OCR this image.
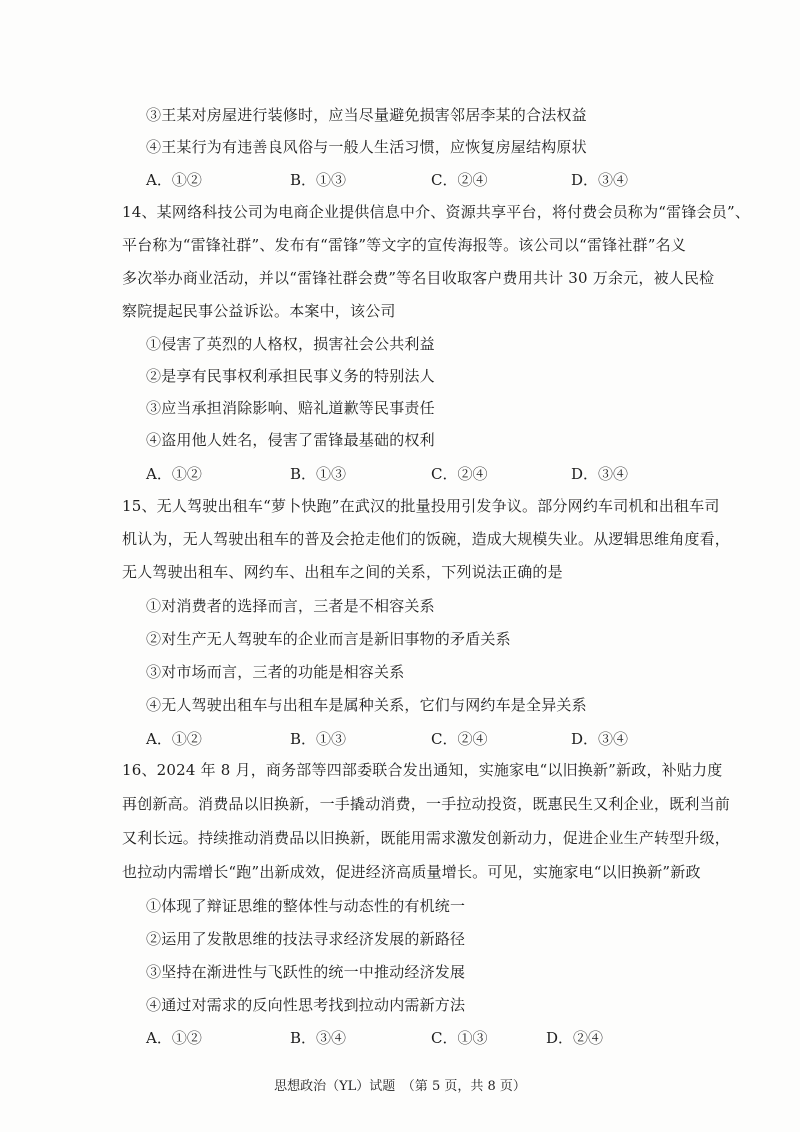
③王某对房屋进行装修时，应当尽量避免损害邻居李某的合法权益
④王某行为有违善良风俗与一般人生活习惯，应恢复房屋结构原状
A．①②	B．①③	C．②④	D．③④
14、某网络科技公司为电商企业提供信息中介、资源共享平台，将付费会员称为“雷锋会员”、
平台称为“雷锋社群”、发布有“雷锋”等文字的宣传海报等。该公司以“雷锋社群”名义
多次举办商业活动，并以“雷锋社群会费”等名目收取客户费用共计 30 万余元，被人民检
察院提起民事公益诉讼。本案中，该公司
①侵害了英烈的人格权，损害社会公共利益
②是享有民事权利承担民事义务的特别法人
③应当承担消除影响、赔礼道歉等民事责任
④盗用他人姓名，侵害了雷锋最基础的权利
A．①②	B．①③	C．②④	D．③④
15、无人驾驶出租车“萝卜快跑”在武汉的批量投用引发争议。部分网约车司机和出租车司
机认为，无人驾驶出租车的普及会抢走他们的饭碗，造成大规模失业。从逻辑思维角度看，
无人驾驶出租车、网约车、出租车之间的关系，下列说法正确的是
①对消费者的选择而言，三者是不相容关系
②对生产无人驾驶车的企业而言是新旧事物的矛盾关系
③对市场而言，三者的功能是相容关系
④无人驾驶出租车与出租车是属种关系，它们与网约车是全异关系
A．①②	B．①③	C．②④	D．③④
16、2024 年 8 月，商务部等四部委联合发出通知，实施家电“以旧换新”新政，补贴力度
再创新高。消费品以旧换新，一手撬动消费，一手拉动投资，既惠民生又利企业，既利当前
又利长远。持续推动消费品以旧换新，既能用需求激发创新动力，促进企业生产转型升级，
也拉动内需增长“跑”出新成效，促进经济高质量增长。可见，实施家电“以旧换新”新政
①体现了辩证思维的整体性与动态性的有机统一
②运用了发散思维的技法寻求经济发展的新路径
③坚持在渐进性与飞跃性的统一中推动经济发展
④通过对需求的反向性思考找到拉动内需新方法
A．①②	B．③④	C．①③	D．②④
思想政治（YL）试题　（第 5 页，共 8 页）
